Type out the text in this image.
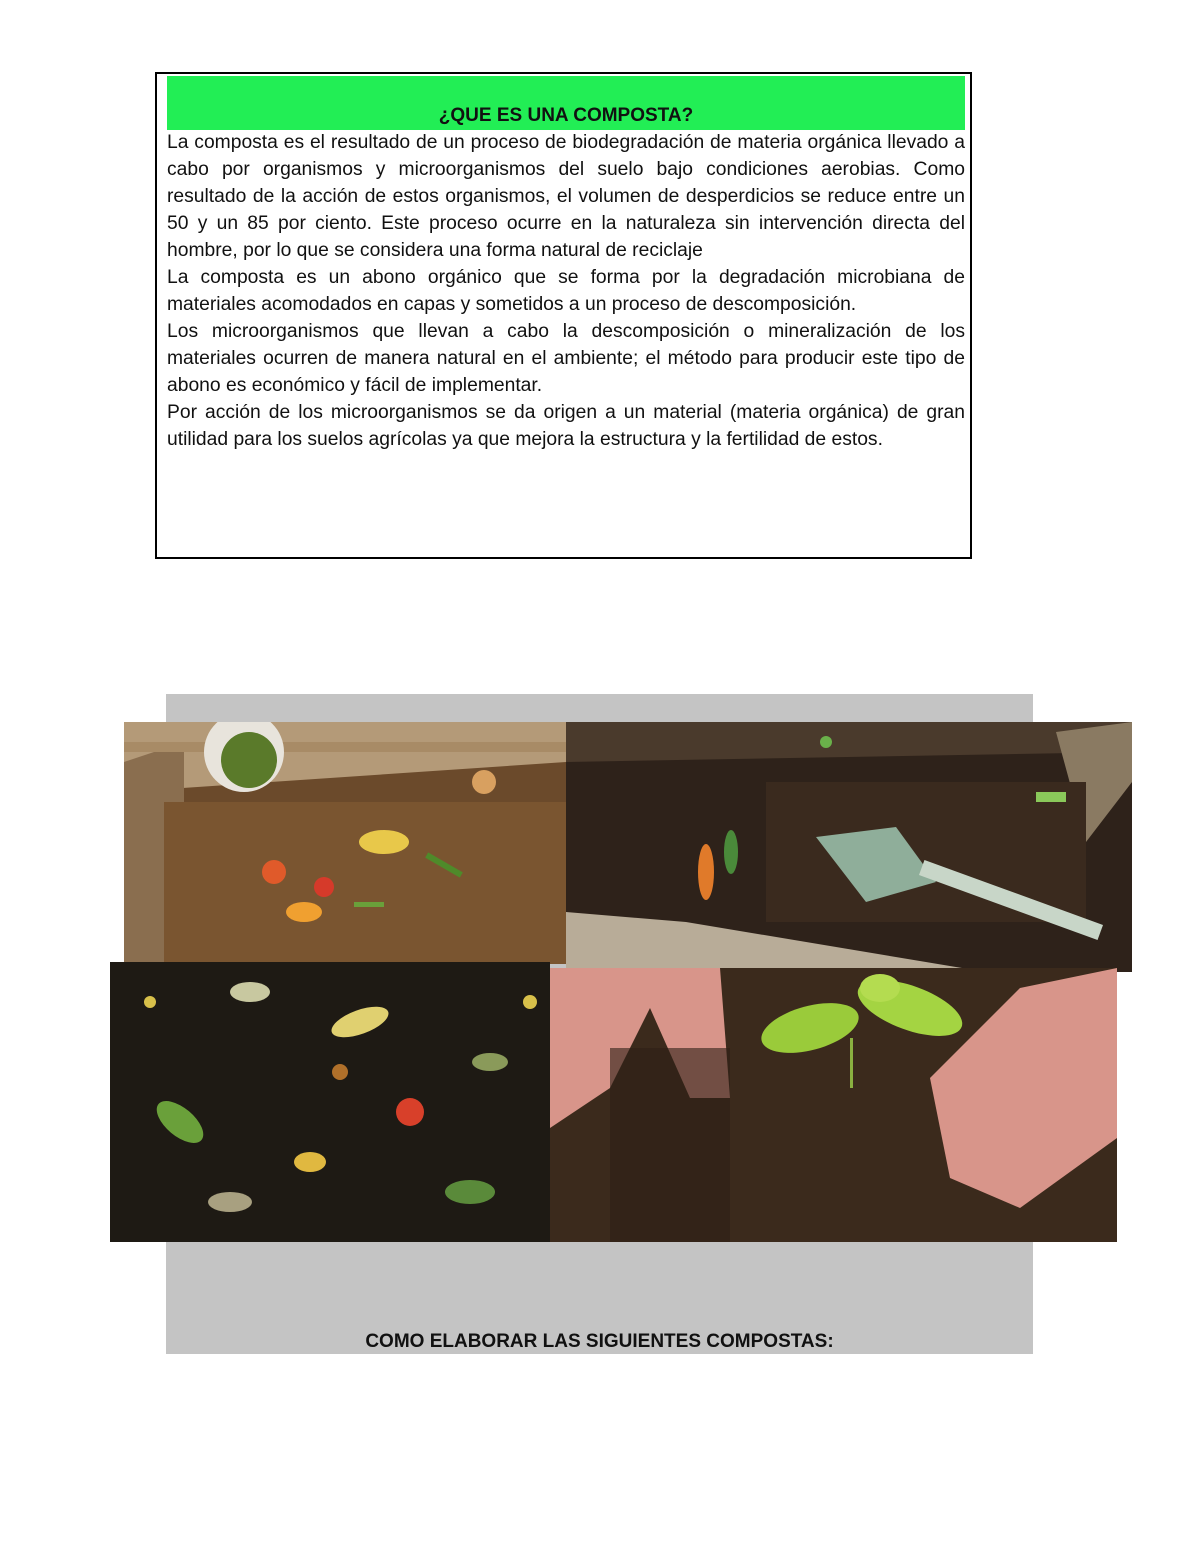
¿QUE ES UNA COMPOSTA?

La composta es el resultado de un proceso de biodegradación de materia orgánica llevado a cabo por organismos y microorganismos del suelo bajo condiciones aerobias. Como resultado de la acción de estos organismos, el volumen de desperdicios se reduce entre un 50 y un 85 por ciento. Este proceso ocurre en la naturaleza sin intervención directa del hombre, por lo que se considera una forma natural de reciclaje

La composta es un abono orgánico que se forma por la degradación microbiana de materiales acomodados en capas y sometidos a un proceso de descomposición.

Los microorganismos que llevan a cabo la descomposición o mineralización de los materiales ocurren de manera natural en el ambiente; el método para producir este tipo de abono es económico y fácil de implementar.

Por acción de los microorganismos se da origen a un material (materia orgánica) de gran utilidad para los suelos agrícolas ya que mejora la estructura y la fertilidad de estos.

COMO ELABORAR LAS SIGUIENTES COMPOSTAS:
